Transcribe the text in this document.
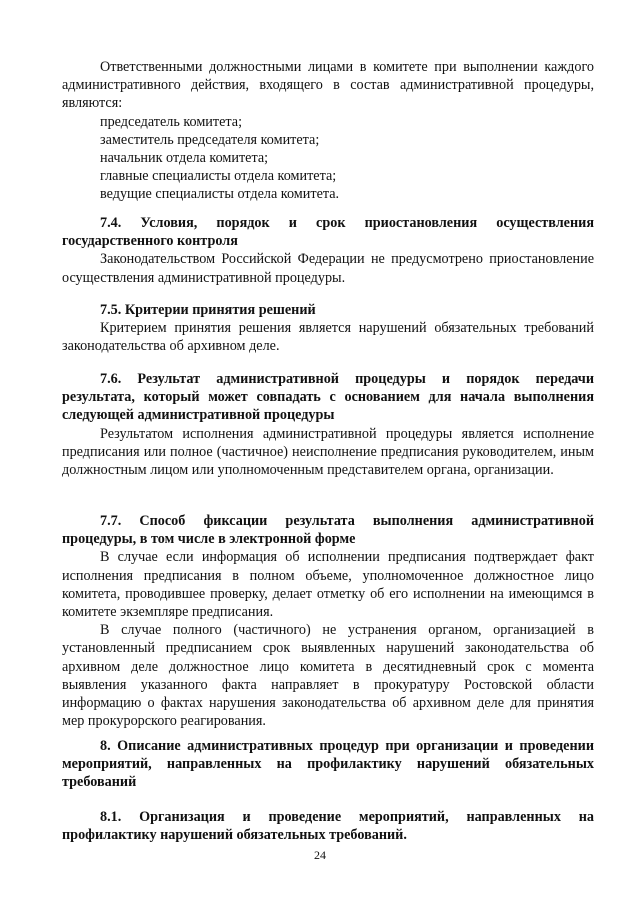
Ответственными должностными лицами в комитете при выполнении каждого административного действия, входящего в состав административной процедуры, являются:

председатель комитета;
заместитель председателя комитета;
начальник отдела комитета;
главные специалисты отдела комитета;
ведущие специалисты отдела комитета.

7.4. Условия, порядок и срок приостановления осуществления государственного контроля

Законодательством Российской Федерации не предусмотрено приостановление осуществления административной процедуры.

7.5. Критерии принятия решений

Критерием принятия решения является нарушений обязательных требований законодательства об архивном деле.

7.6. Результат административной процедуры и порядок передачи результата, который может совпадать с основанием для начала выполнения следующей административной процедуры

Результатом исполнения административной процедуры является исполнение предписания или полное (частичное) неисполнение предписания руководителем, иным должностным лицом или уполномоченным представителем органа, организации.

7.7. Способ фиксации результата выполнения административной процедуры, в том числе в электронной форме

В случае если информация об исполнении предписания подтверждает факт исполнения предписания в полном объеме, уполномоченное должностное лицо комитета, проводившее проверку, делает отметку об его исполнении на имеющимся в комитете экземпляре предписания.

В случае полного (частичного) не устранения органом, организацией в установленный предписанием срок выявленных нарушений законодательства об архивном деле должностное лицо комитета в десятидневный срок с момента выявления указанного факта направляет в прокуратуру Ростовской области информацию о фактах нарушения законодательства об архивном деле для принятия мер прокурорского реагирования.

8. Описание административных процедур при организации и проведении мероприятий, направленных на профилактику нарушений обязательных требований

8.1. Организация и проведение мероприятий, направленных на профилактику нарушений обязательных требований.

24
